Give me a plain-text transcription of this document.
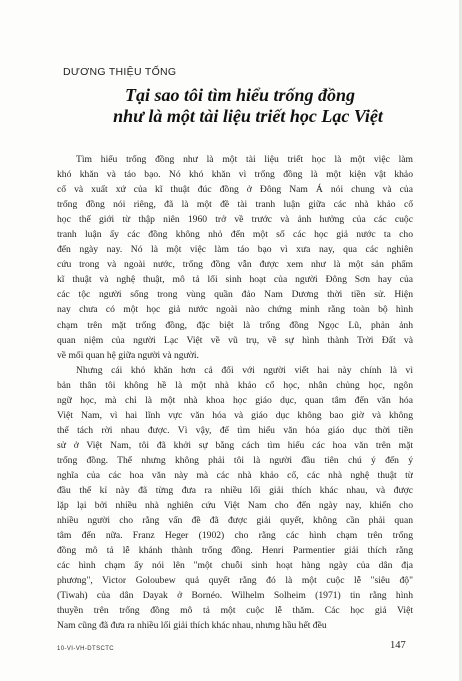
DƯƠNG THIỆU TỐNG
Tại sao tôi tìm hiểu trống đồng

như là một tài liệu triết học Lạc Việt

Tìm hiểu trống đồng như là một tài liệu triết học là một việc làm
khó khăn và táo bạo. Nó khó khăn vì trống đồng là một kiện vật khảo
cổ và xuất xứ của kĩ thuật đúc đồng ở Đông Nam Á nói chung và của
trống đồng nói riêng, đã là một đề tài tranh luận giữa các nhà khảo cổ
học thế giới từ thập niên 1960 trở về trước và ảnh hưởng của các cuộc
tranh luận ấy các đồng không nhỏ đến một số các học giả nước ta cho
đến ngày nay. Nó là một việc làm táo bạo vì xưa nay, qua các nghiên
cứu trong và ngoài nước, trống đồng vẫn được xem như là một sản phẩm
kĩ thuật và nghệ thuật, mô tả lối sinh hoạt của người Đông Sơn hay của
các tộc người sống trong vùng quần đảo Nam Dương thời tiền sử. Hiện
nay chưa có một học giả nước ngoài nào chứng minh rằng toàn bộ hình
chạm trên mặt trống đồng, đặc biệt là trống đồng Ngọc Lũ, phản ảnh
quan niệm của người Lạc Việt về vũ trụ, về sự hình thành Trời Đất và
về mối quan hệ giữa người và người.

Nhưng cái khó khăn hơn cả đối với người viết hai này chính là vì
bản thân tôi không hề là một nhà khảo cổ học, nhân chủng học, ngôn
ngữ học, mà chỉ là một nhà khoa học giáo dục, quan tâm đến văn hóa
Việt Nam, vì hai lĩnh vực văn hóa và giáo dục không bao giờ và không
thể tách rời nhau được. Vì vậy, để tìm hiểu văn hóa giáo dục thời tiền
sử ở Việt Nam, tôi đã khởi sự bằng cách tìm hiểu các hoa văn trên mặt
trống đồng. Thế nhưng không phải tôi là người đầu tiên chú ý đến ý
nghĩa của các hoa văn này mà các nhà khảo cổ, các nhà nghệ thuật từ
đầu thế kỉ này đã từng đưa ra nhiều lối giải thích khác nhau, và được
lặp lại bởi nhiều nhà nghiên cứu Việt Nam cho đến ngày nay, khiến cho
nhiều người cho rằng vấn đề đã được giải quyết, không cần phải quan
tâm đến nữa. Franz Heger (1902) cho rằng các hình chạm trên trống
đồng mô tả lễ khánh thành trống đồng. Henri Parmentier giải thích rằng
các hình chạm ấy nói lên "một chuỗi sinh hoạt hàng ngày của dân địa
phương", Victor Goloubew quả quyết rằng đó là một cuộc lễ "siêu độ"
(Tiwah) của dân Dayak ở Bornéo. Wilhelm Solheim (1971) tin rằng hình
thuyền trên trống đồng mô tả một cuộc lễ thăm. Các học giả Việt
Nam cũng đã đưa ra nhiều lối giải thích khác nhau, nhưng hầu hết đều

10-VI-VH-DTSCTC	147
